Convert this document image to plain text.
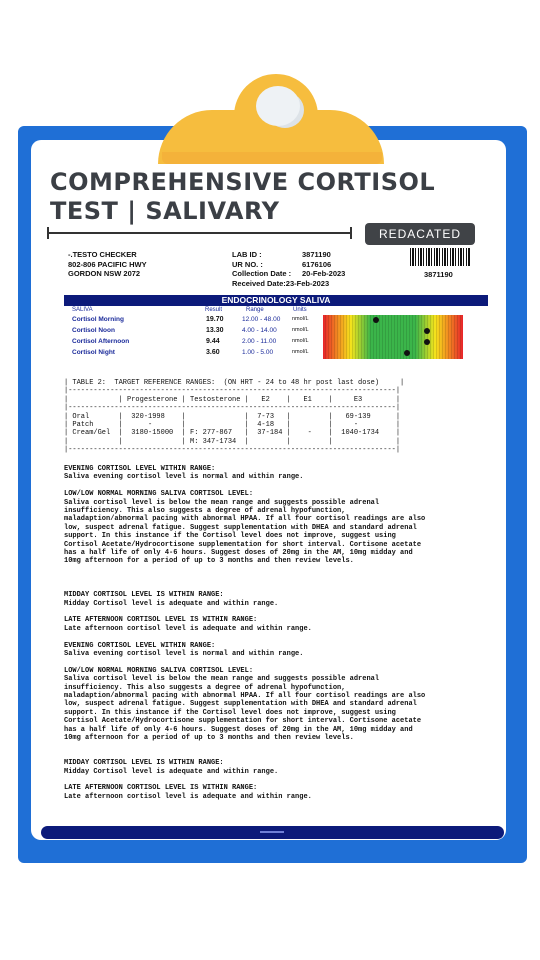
COMPREHENSIVE CORTISOL
TEST | SALIVARY
REDACATED
-.TESTO CHECKER
802-806 PACIFIC HWY
GORDON NSW 2072
LAB ID :	3871190
UR NO. :	6176106
Collection Date :	20-Feb-2023
Received Date: 23-Feb-2023
3871190
ENDOCRINOLOGY SALIVA
SALIVA	Result	Range	Units
Cortisol Morning	19.70	12.00 - 48.00 nmol/L
Cortisol Noon	13.30	4.00 - 14.00	nmol/L
Cortisol Afternoon	9.44	2.00 - 11.00	nmol/L
Cortisol Night	3.60	1.00 - 5.00	nmol/L
| TABLE 2:  TARGET REFERENCE RANGES:  (ON HRT - 24 to 48 hr post last dose)     |
|------------------------------------------------------------------------------|
|            | Progesterone | Testosterone |   E2    |   E1    |     E3        |
|------------------------------------------------------------------------------|
| Oral       |  320-1998    |              |  7-73   |         |   69-139      |
| Patch      |      -       |              |  4-18   |         |     -         |
| Cream/Gel  |  3180-15000  | F: 277-867   |  37-184 |    -    |  1040-1734    |
|            |              | M: 347-1734  |         |         |               |
|------------------------------------------------------------------------------|
EVENING CORTISOL LEVEL WITHIN RANGE:
Saliva evening cortisol level is normal and within range.

LOW/LOW NORMAL MORNING SALIVA CORTISOL LEVEL:
Saliva cortisol level is below the mean range and suggests possible adrenal
insufficiency. This also suggests a degree of adrenal hypofunction,
maladaption/abnormal pacing with abnormal HPAA. If all four cortisol readings are also
low, suspect adrenal fatigue. Suggest supplementation with DHEA and standard adrenal
support. In this instance if the Cortisol level does not improve, suggest using
Cortisol Acetate/Hydrocortisone supplementation for short interval. Cortisone acetate
has a half life of only 4-6 hours. Suggest doses of 20mg in the AM, 10mg midday and
10mg afternoon for a period of up to 3 months and then review levels.

MIDDAY CORTISOL LEVEL IS WITHIN RANGE:
Midday Cortisol level is adequate and within range.

LATE AFTERNOON CORTISOL LEVEL IS WITHIN RANGE:
Late afternoon cortisol level is adequate and within range.

EVENING CORTISOL LEVEL WITHIN RANGE:
Saliva evening cortisol level is normal and within range.

LOW/LOW NORMAL MORNING SALIVA CORTISOL LEVEL:
Saliva cortisol level is below the mean range and suggests possible adrenal
insufficiency. This also suggests a degree of adrenal hypofunction,
maladaption/abnormal pacing with abnormal HPAA. If all four cortisol readings are also
low, suspect adrenal fatigue. Suggest supplementation with DHEA and standard adrenal
support. In this instance if the Cortisol level does not improve, suggest using
Cortisol Acetate/Hydrocortisone supplementation for short interval. Cortisone acetate
has a half life of only 4-6 hours. Suggest doses of 20mg in the AM, 10mg midday and
10mg afternoon for a period of up to 3 months and then review levels.

MIDDAY CORTISOL LEVEL IS WITHIN RANGE:
Midday Cortisol level is adequate and within range.

LATE AFTERNOON CORTISOL LEVEL IS WITHIN RANGE:
Late afternoon cortisol level is adequate and within range.
